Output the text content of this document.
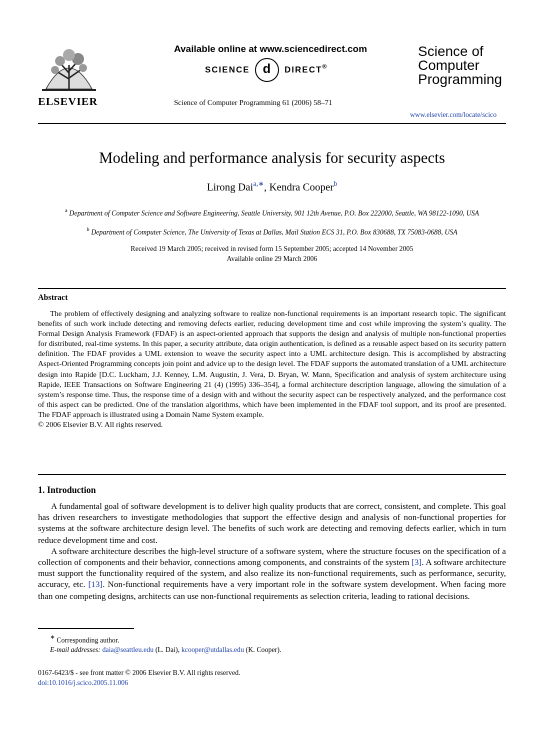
ELSEVIER
Available online at www.sciencedirect.com
SCIENCE d DIRECT®
Science of Computer Programming 61 (2006) 58–71
Science of
Computer
Programming
www.elsevier.com/locate/scico
Modeling and performance analysis for security aspects
Lirong Dai$^{a,∗}$, Kendra Cooper$^b$
$^a$ Department of Computer Science and Software Engineering, Seattle University, 901 12th Avenue, P.O. Box 222000, Seattle, WA 98122-1090, USA
$^b$ Department of Computer Science, The University of Texas at Dallas, Mail Station ECS 31, P.O. Box 830688, TX 75083-0688, USA
Received 19 March 2005; received in revised form 15 September 2005; accepted 14 November 2005
Available online 29 March 2006
Abstract

The problem of effectively designing and analyzing software to realize non-functional requirements is an important research topic. The significant benefits of such work include detecting and removing defects earlier, reducing development time and cost while improving the system’s quality. The Formal Design Analysis Framework (FDAF) is an aspect-oriented approach that supports the design and analysis of multiple non-functional properties for distributed, real-time systems. In this paper, a security attribute, data origin authentication, is defined as a reusable aspect based on its security pattern definition. The FDAF provides a UML extension to weave the security aspect into a UML architecture design. This is accomplished by abstracting Aspect-Oriented Programming concepts join point and advice up to the design level. The FDAF supports the automated translation of a UML architecture design into Rapide [D.C. Luckham, J.J. Kenney, L.M. Augustin, J. Vera, D. Bryan, W. Mann, Specification and analysis of system architecture using Rapide, IEEE Transactions on Software Engineering 21 (4) (1995) 336–354], a formal architecture description language, allowing the simulation of a system’s response time. Thus, the response time of a design with and without the security aspect can be respectively analyzed, and the performance cost of this aspect can be predicted. One of the translation algorithms, which have been implemented in the FDAF tool support, and its proof are presented. The FDAF approach is illustrated using a Domain Name System example.

© 2006 Elsevier B.V. All rights reserved.
1. Introduction

A fundamental goal of software development is to deliver high quality products that are correct, consistent, and complete. This goal has driven researchers to investigate methodologies that support the effective design and analysis of non-functional properties for systems at the software architecture design level. The benefits of such work are detecting and removing defects earlier, which in turn reduce development time and cost.

A software architecture describes the high-level structure of a software system, where the structure focuses on the specification of a collection of components and their behavior, connections among components, and constraints of the system [3]. A software architecture must support the functionality required of the system, and also realize its non-functional requirements, such as performance, security, accuracy, etc. [13]. Non-functional requirements have a very important role in the software system development. When facing more than one competing designs, architects can use non-functional requirements as selection criteria, leading to rational decisions.

∗ Corresponding author.
E-mail addresses: daia@seattleu.edu (L. Dai), kcooper@utdallas.edu (K. Cooper).
0167-6423/$ - see front matter © 2006 Elsevier B.V. All rights reserved.
doi:10.1016/j.scico.2005.11.006
